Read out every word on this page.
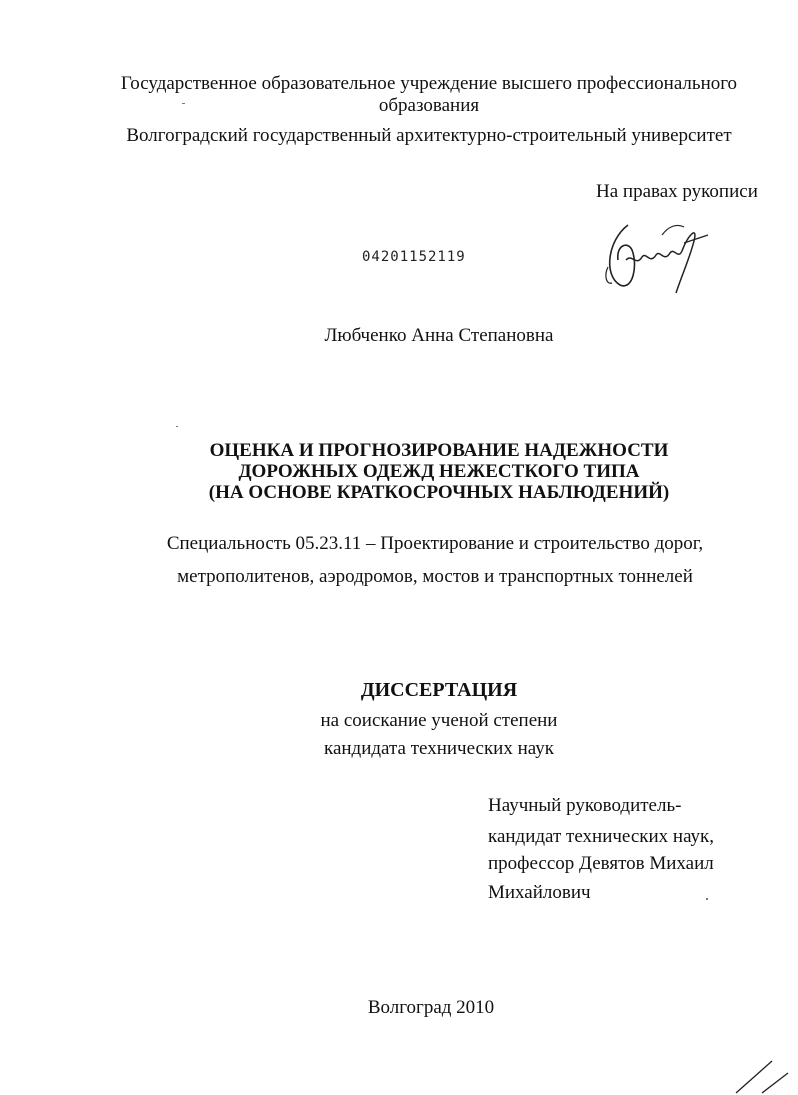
Государственное образовательное учреждение высшего профессионального
образования
Волгоградский государственный архитектурно-строительный университет
На правах рукописи
04201152119
Любченко Анна Степановна
ОЦЕНКА И ПРОГНОЗИРОВАНИЕ НАДЕЖНОСТИ
ДОРОЖНЫХ ОДЕЖД НЕЖЕСТКОГО ТИПА
(НА ОСНОВЕ КРАТКОСРОЧНЫХ НАБЛЮДЕНИЙ)
Специальность 05.23.11 – Проектирование и строительство дорог,
метрополитенов, аэродромов, мостов и транспортных тоннелей
ДИССЕРТАЦИЯ
на соискание ученой степени
кандидата технических наук
Научный руководитель-
кандидат технических наук,
профессор Девятов Михаил
Михайлович
Волгоград 2010
